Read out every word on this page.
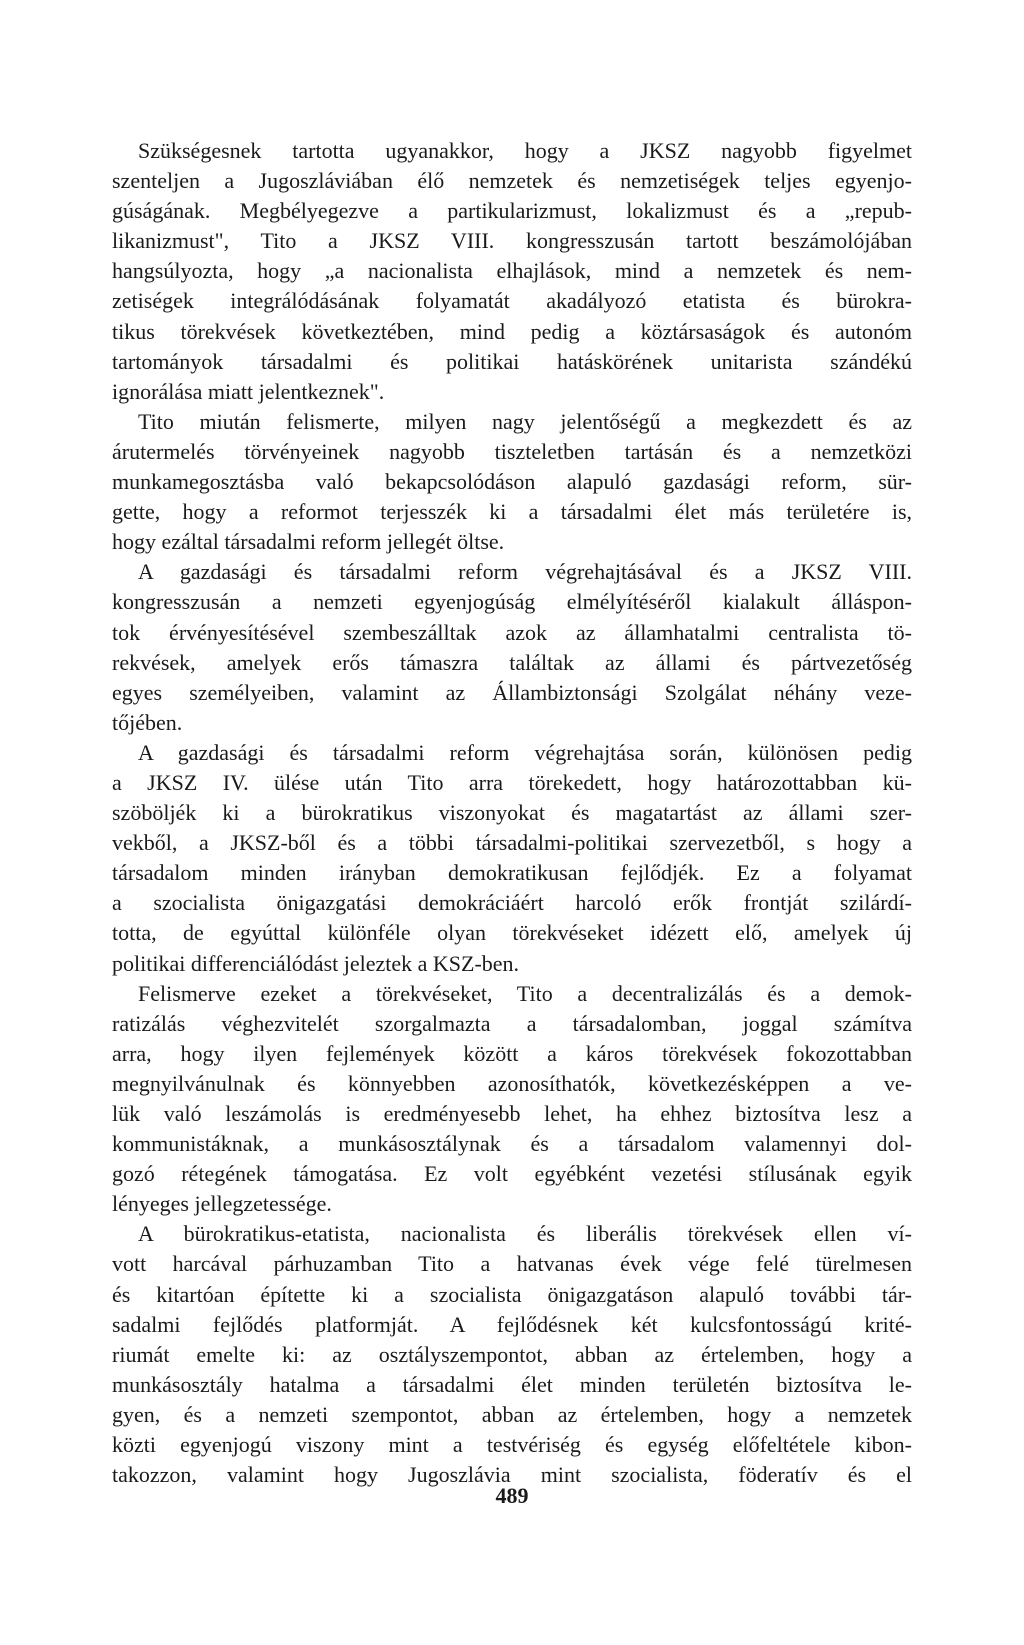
Szükségesnek tartotta ugyanakkor, hogy a JKSZ nagyobb figyelmet
szenteljen a Jugoszláviában élő nemzetek és nemzetiségek teljes egyenjo-
gúságának. Megbélyegezve a partikularizmust, lokalizmust és a „repub-
likanizmust", Tito a JKSZ VIII. kongresszusán tartott beszámolójában
hangsúlyozta, hogy „a nacionalista elhajlások, mind a nemzetek és nem-
zetiségek integrálódásának folyamatát akadályozó etatista és bürokra-
tikus törekvések következtében, mind pedig a köztársaságok és autonóm
tartományok társadalmi és politikai hatáskörének unitarista szándékú
ignorálása miatt jelentkeznek".
Tito miután felismerte, milyen nagy jelentőségű a megkezdett és az
árutermelés törvényeinek nagyobb tiszteletben tartásán és a nemzetközi
munkamegosztásba való bekapcsolódáson alapuló gazdasági reform, sür-
gette, hogy a reformot terjesszék ki a társadalmi élet más területére is,
hogy ezáltal társadalmi reform jellegét öltse.
A gazdasági és társadalmi reform végrehajtásával és a JKSZ VIII.
kongresszusán a nemzeti egyenjogúság elmélyítéséről kialakult álláspon-
tok érvényesítésével szembeszálltak azok az államhatalmi centralista tö-
rekvések, amelyek erős támaszra találtak az állami és pártvezetőség
egyes személyeiben, valamint az Állambiztonsági Szolgálat néhány veze-
tőjében.
A gazdasági és társadalmi reform végrehajtása során, különösen pedig
a JKSZ IV. ülése után Tito arra törekedett, hogy határozottabban kü-
szöböljék ki a bürokratikus viszonyokat és magatartást az állami szer-
vekből, a JKSZ-ből és a többi társadalmi-politikai szervezetből, s hogy a
társadalom minden irányban demokratikusan fejlődjék. Ez a folyamat
a szocialista önigazgatási demokráciáért harcoló erők frontját szilárdí-
totta, de egyúttal különféle olyan törekvéseket idézett elő, amelyek új
politikai differenciálódást jeleztek a KSZ-ben.
Felismerve ezeket a törekvéseket, Tito a decentralizálás és a demok-
ratizálás véghezvitelét szorgalmazta a társadalomban, joggal számítva
arra, hogy ilyen fejlemények között a káros törekvések fokozottabban
megnyilvánulnak és könnyebben azonosíthatók, következésképpen a ve-
lük való leszámolás is eredményesebb lehet, ha ehhez biztosítva lesz a
kommunistáknak, a munkásosztálynak és a társadalom valamennyi dol-
gozó rétegének támogatása. Ez volt egyébként vezetési stílusának egyik
lényeges jellegzetessége.
A bürokratikus-etatista, nacionalista és liberális törekvések ellen ví-
vott harcával párhuzamban Tito a hatvanas évek vége felé türelmesen
és kitartóan építette ki a szocialista önigazgatáson alapuló további tár-
sadalmi fejlődés platformját. A fejlődésnek két kulcsfontosságú krité-
riumát emelte ki: az osztályszempontot, abban az értelemben, hogy a
munkásosztály hatalma a társadalmi élet minden területén biztosítva le-
gyen, és a nemzeti szempontot, abban az értelemben, hogy a nemzetek
közti egyenjogú viszony mint a testvériség és egység előfeltétele kibon-
takozzon, valamint hogy Jugoszlávia mint szocialista, föderatív és el
489
